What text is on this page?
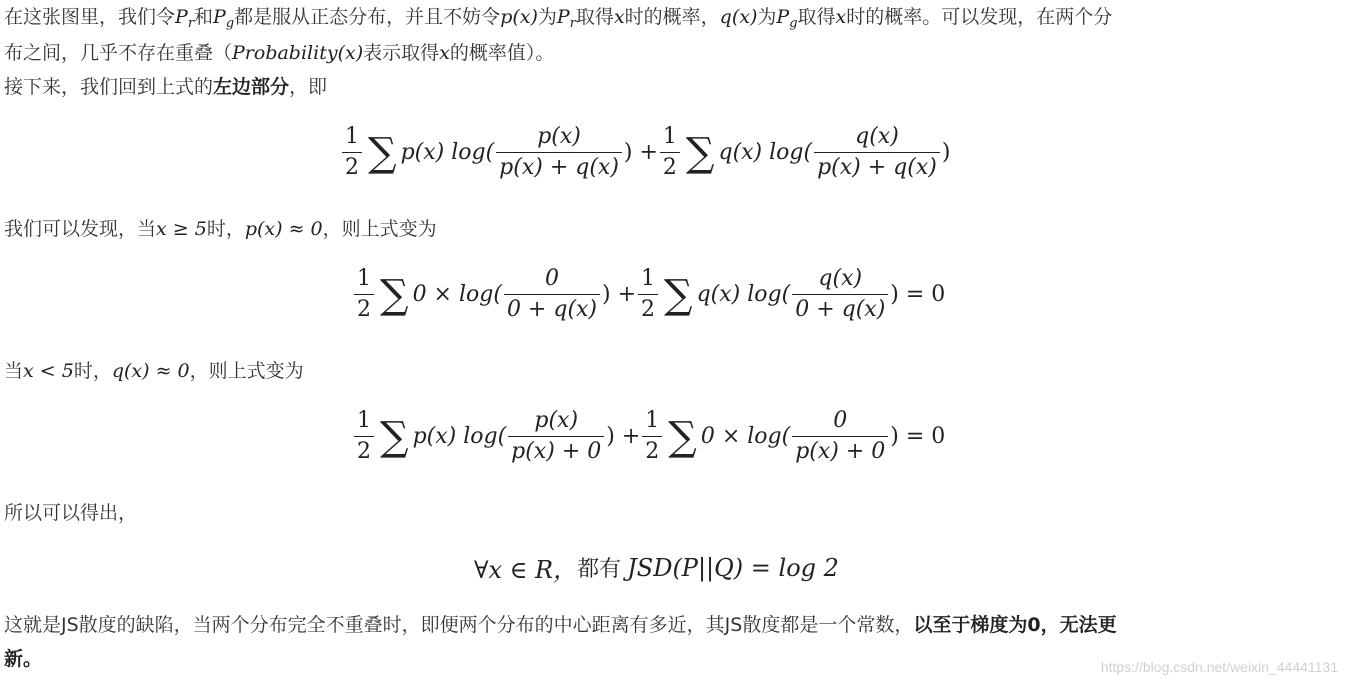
在这张图里，我们令$P_r$和$P_g$都是服从正态分布，并且不妨令p(x)为$P_r$取得x时的概率，q(x)为$P_g$取得x时的概率。可以发现，在两个分
布之间，几乎不存在重叠（Probability(x)表示取得x的概率值）。
接下来，我们回到上式的左边部分，即
$\frac{1}{2}$ ∑ p(x) $\log( \frac{p(x)}{p(x) + q(x)}$ ) + $\frac{1}{2}$ ∑ q(x) $\log( \frac{q(x)}{p(x) + q(x)}$ )
我们可以发现，当x ≥ 5时，p(x) ≈ 0，则上式变为
$\frac{1}{2}$ ∑ $0 \times \log( \frac{0}{0 + q(x)}$ ) + $\frac{1}{2}$ ∑ q(x) $\log( \frac{q(x)}{0 + q(x)}$ ) = 0
当x < 5时，q(x) ≈ 0，则上式变为
$\frac{1}{2}$ ∑ p(x) $\log( \frac{p(x)}{p(x) + 0}$ ) + $\frac{1}{2}$ ∑ $0 \times \log( \frac{0}{p(x) + 0}$ ) = 0
所以可以得出，
∀x ∈ R， 都有 JSD(P||Q) = log 2
这就是JS散度的缺陷，当两个分布完全不重叠时，即便两个分布的中心距离有多近，其JS散度都是一个常数，以至于梯度为0，无法更
新。	https://blog.csdn.net/weixin_44441131
